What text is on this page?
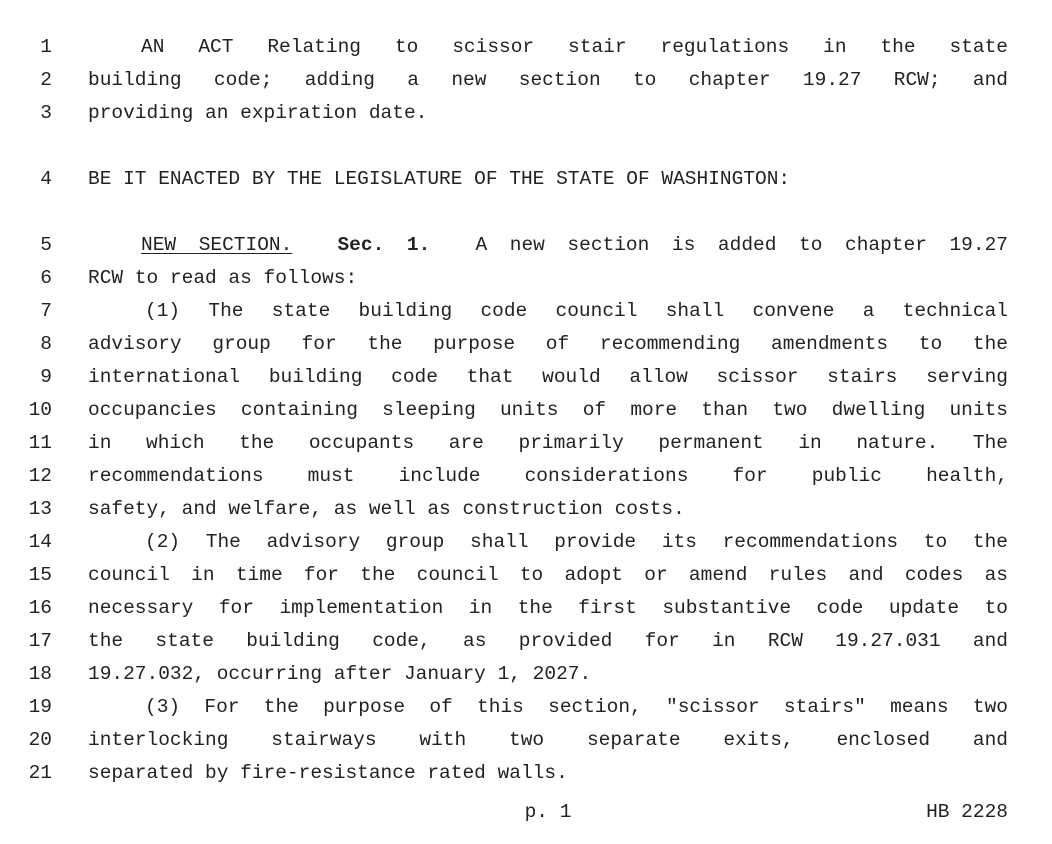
1	AN ACT Relating to scissor stair regulations in the state
2 building code; adding a new section to chapter 19.27 RCW; and
3 providing an expiration date.
4 BE IT ENACTED BY THE LEGISLATURE OF THE STATE OF WASHINGTON:
5	NEW SECTION. Sec. 1. A new section is added to chapter 19.27
6 RCW to read as follows:
7	(1) The state building code council shall convene a technical
8 advisory group for the purpose of recommending amendments to the
9 international building code that would allow scissor stairs serving
10 occupancies containing sleeping units of more than two dwelling units
11 in which the occupants are primarily permanent in nature. The
12 recommendations must include considerations for public health,
13 safety, and welfare, as well as construction costs.
14	(2) The advisory group shall provide its recommendations to the
15 council in time for the council to adopt or amend rules and codes as
16 necessary for implementation in the first substantive code update to
17 the state building code, as provided for in RCW 19.27.031 and
18 19.27.032, occurring after January 1, 2027.
19	(3) For the purpose of this section, "scissor stairs" means two
20 interlocking stairways with two separate exits, enclosed and
21 separated by fire-resistance rated walls.
p. 1	HB 2228
